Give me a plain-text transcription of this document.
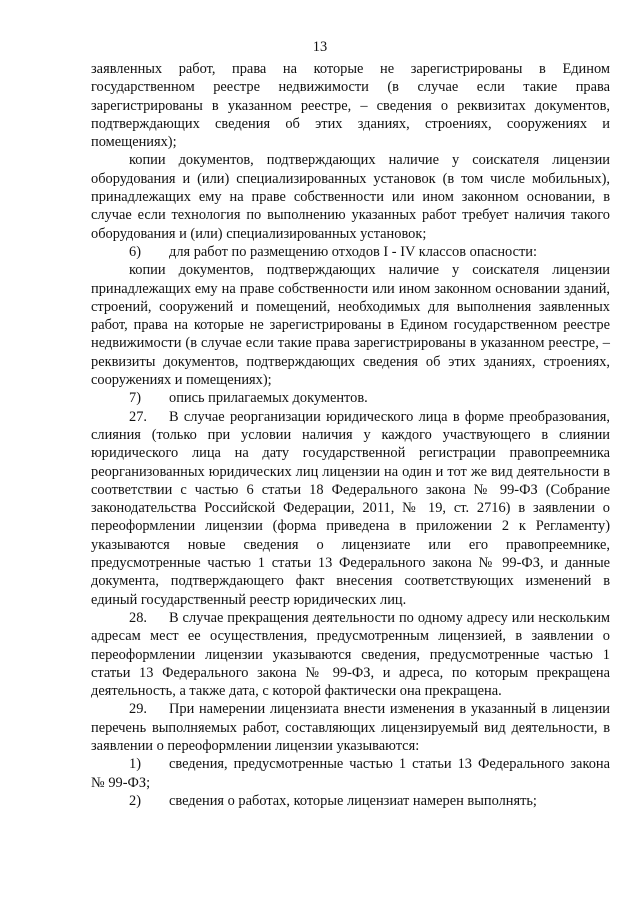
13

заявленных работ, права на которые не зарегистрированы в Едином государственном реестре недвижимости (в случае если такие права зарегистрированы в указанном реестре, – сведения о реквизитах документов, подтверждающих сведения об этих зданиях, строениях, сооружениях и помещениях);

копии документов, подтверждающих наличие у соискателя лицензии оборудования и (или) специализированных установок (в том числе мобильных), принадлежащих ему на праве собственности или ином законном основании, в случае если технология по выполнению указанных работ требует наличия такого оборудования и (или) специализированных установок;

6) для работ по размещению отходов I - IV классов опасности:

копии документов, подтверждающих наличие у соискателя лицензии принадлежащих ему на праве собственности или ином законном основании зданий, строений, сооружений и помещений, необходимых для выполнения заявленных работ, права на которые не зарегистрированы в Едином государственном реестре недвижимости (в случае если такие права зарегистрированы в указанном реестре, – реквизиты документов, подтверждающих сведения об этих зданиях, строениях, сооружениях и помещениях);

7) опись прилагаемых документов.

27. В случае реорганизации юридического лица в форме преобразования, слияния (только при условии наличия у каждого участвующего в слиянии юридического лица на дату государственной регистрации правопреемника реорганизованных юридических лиц лицензии на один и тот же вид деятельности в соответствии с частью 6 статьи 18 Федерального закона № 99-ФЗ (Собрание законодательства Российской Федерации, 2011, № 19, ст. 2716) в заявлении о переоформлении лицензии (форма приведена в приложении 2 к Регламенту) указываются новые сведения о лицензиате или его правопреемнике, предусмотренные частью 1 статьи 13 Федерального закона № 99-ФЗ, и данные документа, подтверждающего факт внесения соответствующих изменений в единый государственный реестр юридических лиц.

28. В случае прекращения деятельности по одному адресу или нескольким адресам мест ее осуществления, предусмотренным лицензией, в заявлении о переоформлении лицензии указываются сведения, предусмотренные частью 1 статьи 13 Федерального закона № 99-ФЗ, и адреса, по которым прекращена деятельность, а также дата, с которой фактически она прекращена.

29. При намерении лицензиата внести изменения в указанный в лицензии перечень выполняемых работ, составляющих лицензируемый вид деятельности, в заявлении о переоформлении лицензии указываются:

1) сведения, предусмотренные частью 1 статьи 13 Федерального закона № 99-ФЗ;

2) сведения о работах, которые лицензиат намерен выполнять;
